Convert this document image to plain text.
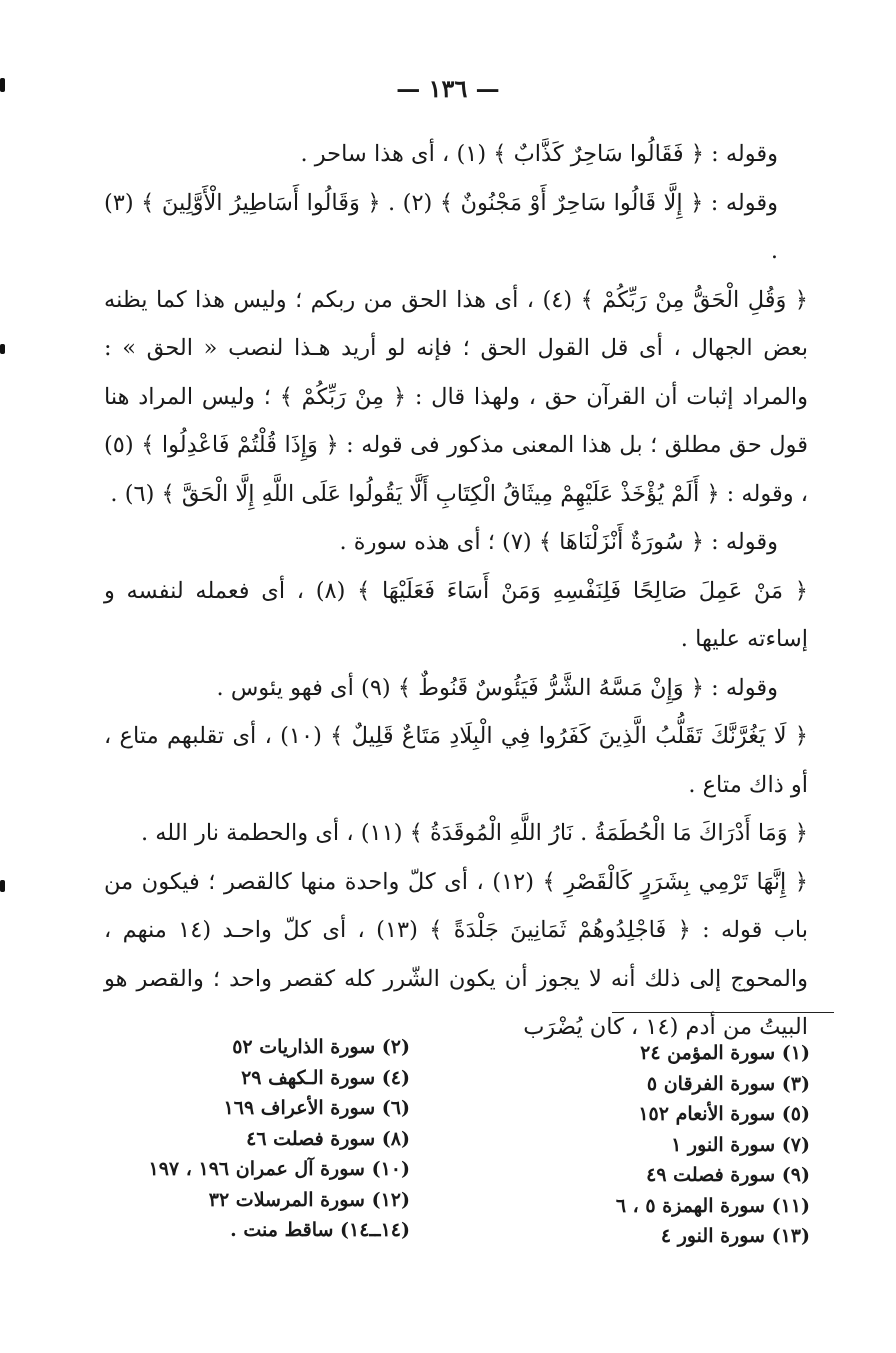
— ١٣٦ —

وقوله : ﴿ فَقَالُوا سَاحِرٌ كَذَّابٌ ﴾ (١) ، أى هذا ساحر .

وقوله : ﴿ إِلَّا قَالُوا سَاحِرٌ أَوْ مَجْنُونٌ ﴾ (٢) . ﴿ وَقَالُوا أَسَاطِيرُ الْأَوَّلِينَ ﴾ (٣) .

﴿ وَقُلِ الْحَقُّ مِنْ رَبِّكُمْ ﴾ (٤) ، أى هذا الحق من ربكم ؛ وليس هذا كما يظنه بعض الجهال ، أى قل القول الحق ؛ فإنه لو أريد هـذا لنصب « الحق » : والمراد إثبات أن القرآن حق ، ولهذا قال : ﴿ مِنْ رَبِّكُمْ ﴾ ؛ وليس المراد هنا قول حق مطلق ؛ بل هذا المعنى مذكور فى قوله : ﴿ وَإِذَا قُلْتُمْ فَاعْدِلُوا ﴾ (٥) ، وقوله : ﴿ أَلَمْ يُؤْخَذْ عَلَيْهِمْ مِيثَاقُ الْكِتَابِ أَلَّا يَقُولُوا عَلَى اللَّهِ إِلَّا الْحَقَّ ﴾ (٦) .

وقوله : ﴿ سُورَةٌ أَنْزَلْنَاهَا ﴾ (٧) ؛ أى هذه سورة .

﴿ مَنْ عَمِلَ صَالِحًا فَلِنَفْسِهِ وَمَنْ أَسَاءَ فَعَلَيْهَا ﴾ (٨) ، أى فعمله لنفسه و إساءته عليها .

وقوله : ﴿ وَإِنْ مَسَّهُ الشَّرُّ فَيَئُوسٌ قَنُوطٌ ﴾ (٩) أى فهو يئوس .

﴿ لَا يَغُرَّنَّكَ تَقَلُّبُ الَّذِينَ كَفَرُوا فِي الْبِلَادِ مَتَاعٌ قَلِيلٌ ﴾ (١٠) ، أى تقلبهم متاع ، أو ذاك متاع .

﴿ وَمَا أَدْرَاكَ مَا الْحُطَمَةُ . نَارُ اللَّهِ الْمُوقَدَةُ ﴾ (١١) ، أى والحطمة نار الله .

﴿ إِنَّهَا تَرْمِي بِشَرَرٍ كَالْقَصْرِ ﴾ (١٢) ، أى كلّ واحدة منها كالقصر ؛ فيكون من باب قوله : ﴿ فَاجْلِدُوهُمْ ثَمَانِينَ جَلْدَةً ﴾ (١٣) ، أى كلّ واحـد (١٤ منهم ، والمحوج إلى ذلك أنه لا يجوز أن يكون الشّرر كله كقصر واحد ؛ والقصر هو البيتُ من أدم (١٤ ، كان يُضْرَب

(١) سورة المؤمن ٢٤
(٣) سورة الفرقان ٥
(٥) سورة الأنعام ١٥٢
(٧) سورة النور ١
(٩) سورة فصلت ٤٩
(١١) سورة الهمزة ٥ ، ٦
(١٣) سورة النور ٤
(٢) سورة الذاريات ٥٢
(٤) سورة الـكهف ٢٩
(٦) سورة الأعراف ١٦٩
(٨) سورة فصلت ٤٦
(١٠) سورة آل عمران ١٩٦ ، ١٩٧
(١٢) سورة المرسلات ٣٢
(١٤ــ١٤) ساقط منت .
